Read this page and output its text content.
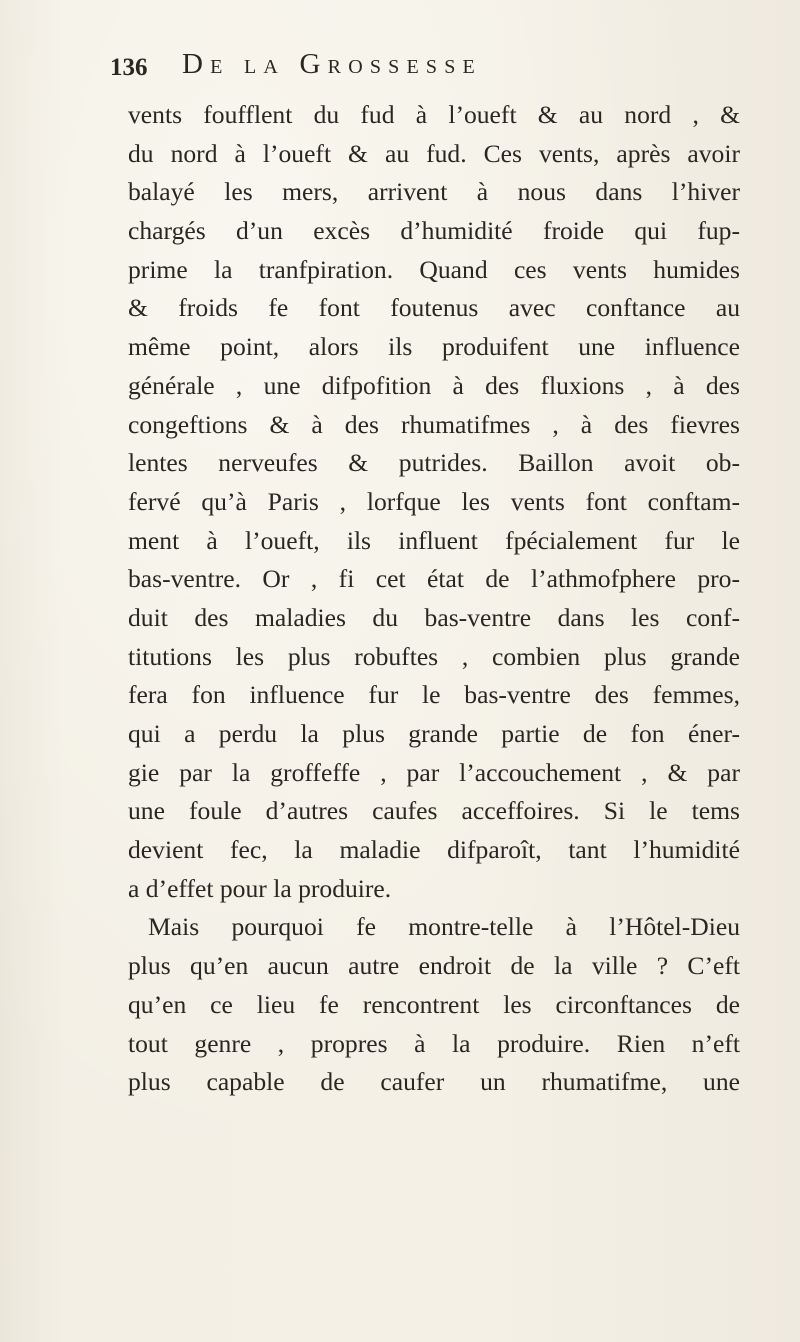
136 De la Grossesse
vents foufflent du fud à l’oueft & au nord , &
du nord à l’oueft & au fud. Ces vents, après avoir
balayé les mers, arrivent à nous dans l’hiver
chargés d’un excès d’humidité froide qui fup-
prime la tranfpiration. Quand ces vents humides
& froids fe font foutenus avec conftance au
même point, alors ils produifent une influence
générale , une difpofition à des fluxions , à des
congeftions & à des rhumatifmes , à des fievres
lentes nerveufes & putrides. Baillon avoit ob-
fervé qu’à Paris , lorfque les vents font conftam-
ment à l’oueft, ils influent fpécialement fur le
bas-ventre. Or , fi cet état de l’athmofphere pro-
duit des maladies du bas-ventre dans les conf-
titutions les plus robuftes , combien plus grande
fera fon influence fur le bas-ventre des femmes,
qui a perdu la plus grande partie de fon éner-
gie par la groffeffe , par l’accouchement , & par
une foule d’autres caufes acceffoires. Si le tems
devient fec, la maladie difparoît, tant l’humidité
a d’effet pour la produire.
Mais pourquoi fe montre-telle à l’Hôtel-Dieu
plus qu’en aucun autre endroit de la ville ? C’eft
qu’en ce lieu fe rencontrent les circonftances de
tout genre , propres à la produire. Rien n’eft
plus capable de caufer un rhumatifme, une
